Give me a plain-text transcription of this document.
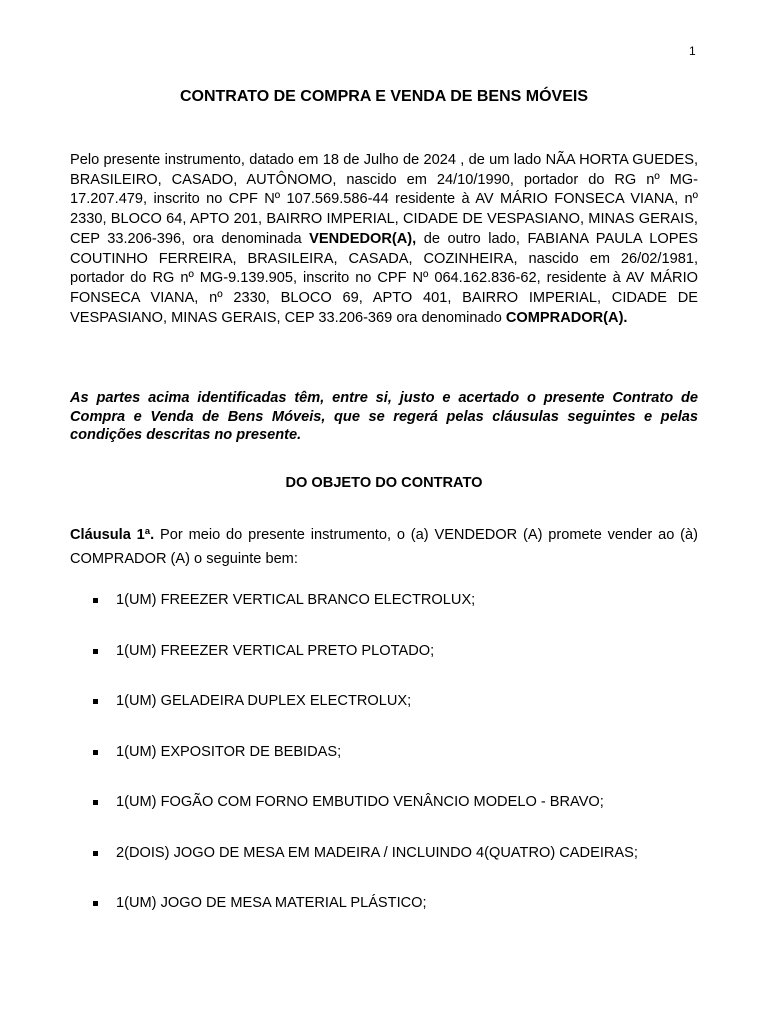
1
CONTRATO DE COMPRA E VENDA DE BENS MÓVEIS

Pelo presente instrumento, datado em 18 de Julho de 2024 , de um lado NÃA HORTA GUEDES, BRASILEIRO, CASADO, AUTÔNOMO, nascido em 24/10/1990, portador do RG nº MG-17.207.479, inscrito no CPF Nº 107.569.586-44 residente à AV MÁRIO FONSECA VIANA, nº 2330, BLOCO 64, APTO 201, BAIRRO IMPERIAL, CIDADE DE VESPASIANO, MINAS GERAIS, CEP 33.206-396, ora denominada VENDEDOR(A), de outro lado, FABIANA PAULA LOPES COUTINHO FERREIRA, BRASILEIRA, CASADA, COZINHEIRA, nascido em 26/02/1981, portador do RG nº MG-9.139.905, inscrito no CPF Nº 064.162.836-62, residente à AV MÁRIO FONSECA VIANA, nº 2330, BLOCO 69, APTO 401, BAIRRO IMPERIAL, CIDADE DE VESPASIANO, MINAS GERAIS, CEP 33.206-369 ora denominado COMPRADOR(A).

As partes acima identificadas têm, entre si, justo e acertado o presente Contrato de Compra e Venda de Bens Móveis, que se regerá pelas cláusulas seguintes e pelas condições descritas no presente.

DO OBJETO DO CONTRATO

Cláusula 1ª. Por meio do presente instrumento, o (a) VENDEDOR (A) promete vender ao (à) COMPRADOR (A) o seguinte bem:

1(UM) FREEZER VERTICAL BRANCO ELECTROLUX;
1(UM) FREEZER VERTICAL PRETO PLOTADO;
1(UM) GELADEIRA DUPLEX ELECTROLUX;
1(UM) EXPOSITOR DE BEBIDAS;
1(UM) FOGÃO COM FORNO EMBUTIDO VENÂNCIO MODELO - BRAVO;
2(DOIS) JOGO DE MESA EM MADEIRA / INCLUINDO 4(QUATRO) CADEIRAS;
1(UM) JOGO DE MESA MATERIAL PLÁSTICO;
